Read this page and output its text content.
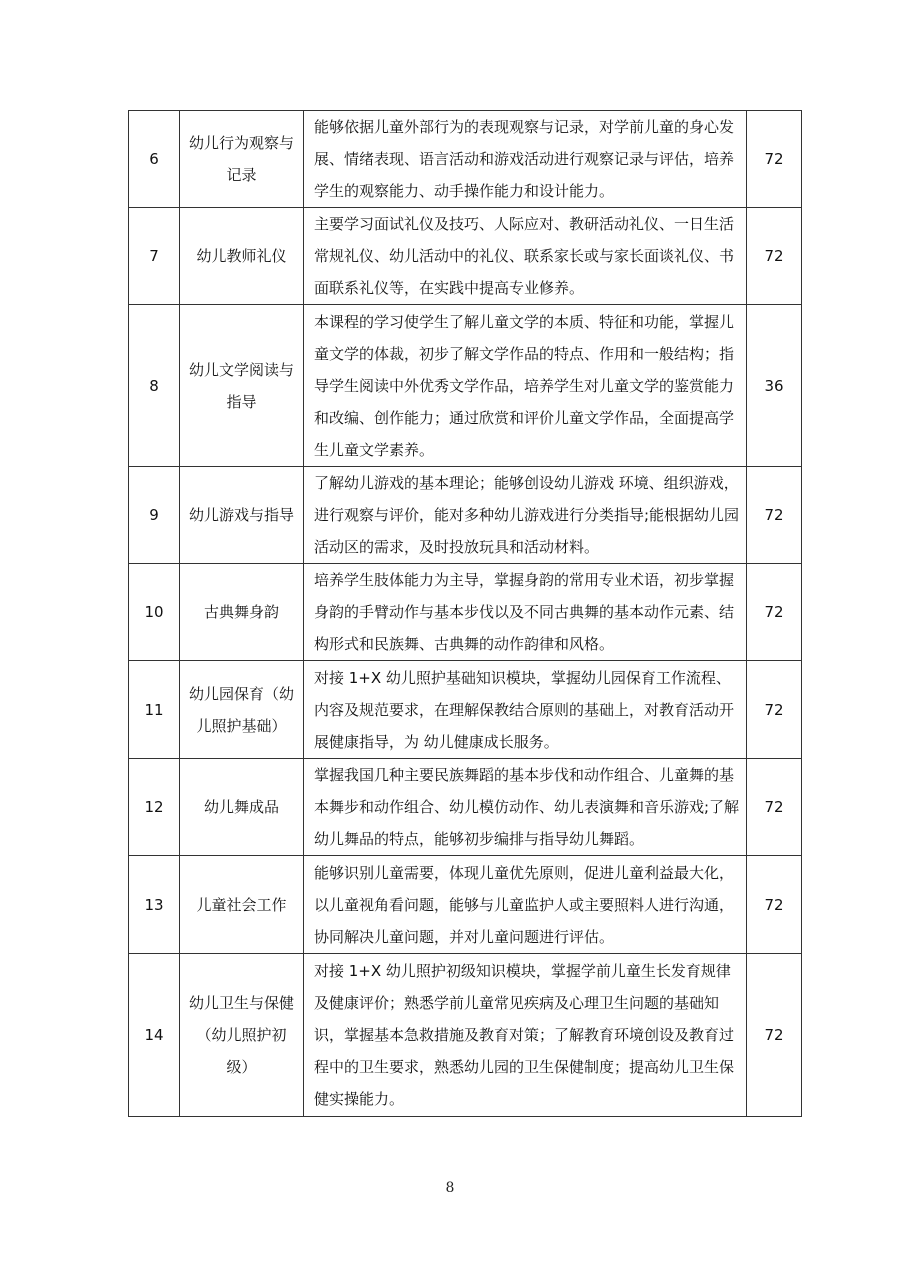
6	幼儿行为观察与记录	能够依据儿童外部行为的表现观察与记录，对学前儿童的身心发展、情绪表现、语言活动和游戏活动进行观察记录与评估，培养学生的观察能力、动手操作能力和设计能力。	72
7	幼儿教师礼仪	主要学习面试礼仪及技巧、人际应对、教研活动礼仪、一日生活常规礼仪、幼儿活动中的礼仪、联系家长或与家长面谈礼仪、书面联系礼仪等，在实践中提高专业修养。	72
8	幼儿文学阅读与指导	本课程的学习使学生了解儿童文学的本质、特征和功能，掌握儿童文学的体裁，初步了解文学作品的特点、作用和一般结构；指导学生阅读中外优秀文学作品，培养学生对儿童文学的鉴赏能力和改编、创作能力；通过欣赏和评价儿童文学作品，全面提高学生儿童文学素养。	36
9	幼儿游戏与指导	了解幼儿游戏的基本理论；能够创设幼儿游戏 环境、组织游戏，进行观察与评价，能对多种幼儿游戏进行分类指导;能根据幼儿园活动区的需求，及时投放玩具和活动材料。	72
10	古典舞身韵	培养学生肢体能力为主导，掌握身韵的常用专业术语，初步掌握身韵的手臂动作与基本步伐以及不同古典舞的基本动作元素、结构形式和民族舞、古典舞的动作韵律和风格。	72
11	幼儿园保育（幼儿照护基础）	对接 1+X 幼儿照护基础知识模块，掌握幼儿园保育工作流程、内容及规范要求，在理解保教结合原则的基础上，对教育活动开展健康指导，为 幼儿健康成长服务。	72
12	幼儿舞成品	掌握我国几种主要民族舞蹈的基本步伐和动作组合、儿童舞的基本舞步和动作组合、幼儿模仿动作、幼儿表演舞和音乐游戏;了解幼儿舞品的特点，能够初步编排与指导幼儿舞蹈。	72
13	儿童社会工作	能够识别儿童需要，体现儿童优先原则，促进儿童利益最大化，以儿童视角看问题，能够与儿童监护人或主要照料人进行沟通，协同解决儿童问题，并对儿童问题进行评估。	72
14	幼儿卫生与保健（幼儿照护初级）	对接 1+X 幼儿照护初级知识模块，掌握学前儿童生长发育规律及健康评价；熟悉学前儿童常见疾病及心理卫生问题的基础知识，掌握基本急救措施及教育对策；了解教育环境创设及教育过程中的卫生要求，熟悉幼儿园的卫生保健制度；提高幼儿卫生保健实操能力。	72
8
